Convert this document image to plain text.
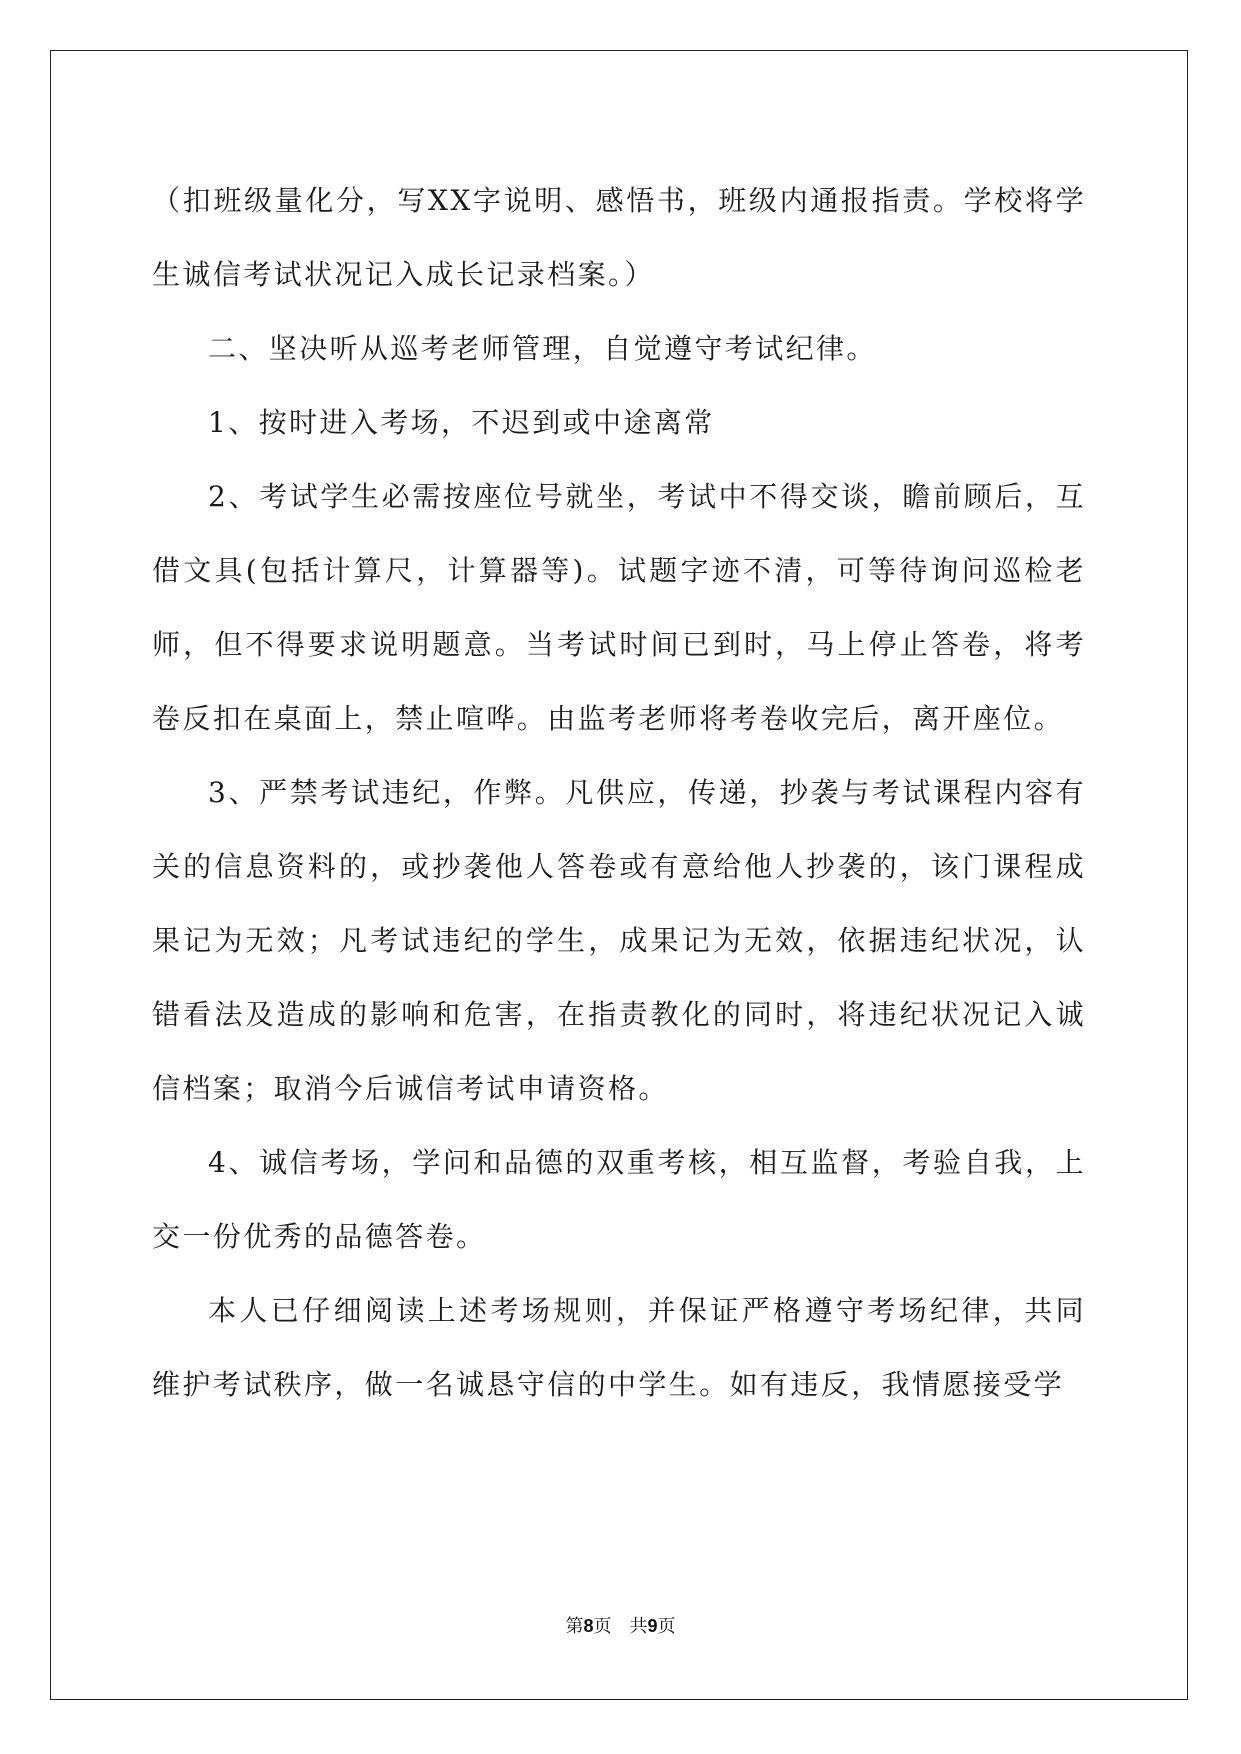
（扣班级量化分，写XX字说明、感悟书，班级内通报指责。学校将学生诚信考试状况记入成长记录档案。）

二、坚决听从巡考老师管理，自觉遵守考试纪律。

1、按时进入考场，不迟到或中途离常

2、考试学生必需按座位号就坐，考试中不得交谈，瞻前顾后，互借文具(包括计算尺，计算器等)。试题字迹不清，可等待询问巡检老师，但不得要求说明题意。当考试时间已到时，马上停止答卷，将考卷反扣在桌面上，禁止喧哗。由监考老师将考卷收完后，离开座位。

3、严禁考试违纪，作弊。凡供应，传递，抄袭与考试课程内容有关的信息资料的，或抄袭他人答卷或有意给他人抄袭的，该门课程成果记为无效；凡考试违纪的学生，成果记为无效，依据违纪状况，认错看法及造成的影响和危害，在指责教化的同时，将违纪状况记入诚信档案；取消今后诚信考试申请资格。

4、诚信考场，学问和品德的双重考核，相互监督，考验自我，上交一份优秀的品德答卷。

本人已仔细阅读上述考场规则，并保证严格遵守考场纪律，共同维护考试秩序，做一名诚恳守信的中学生。如有违反，我情愿接受学

第8页 共9页
